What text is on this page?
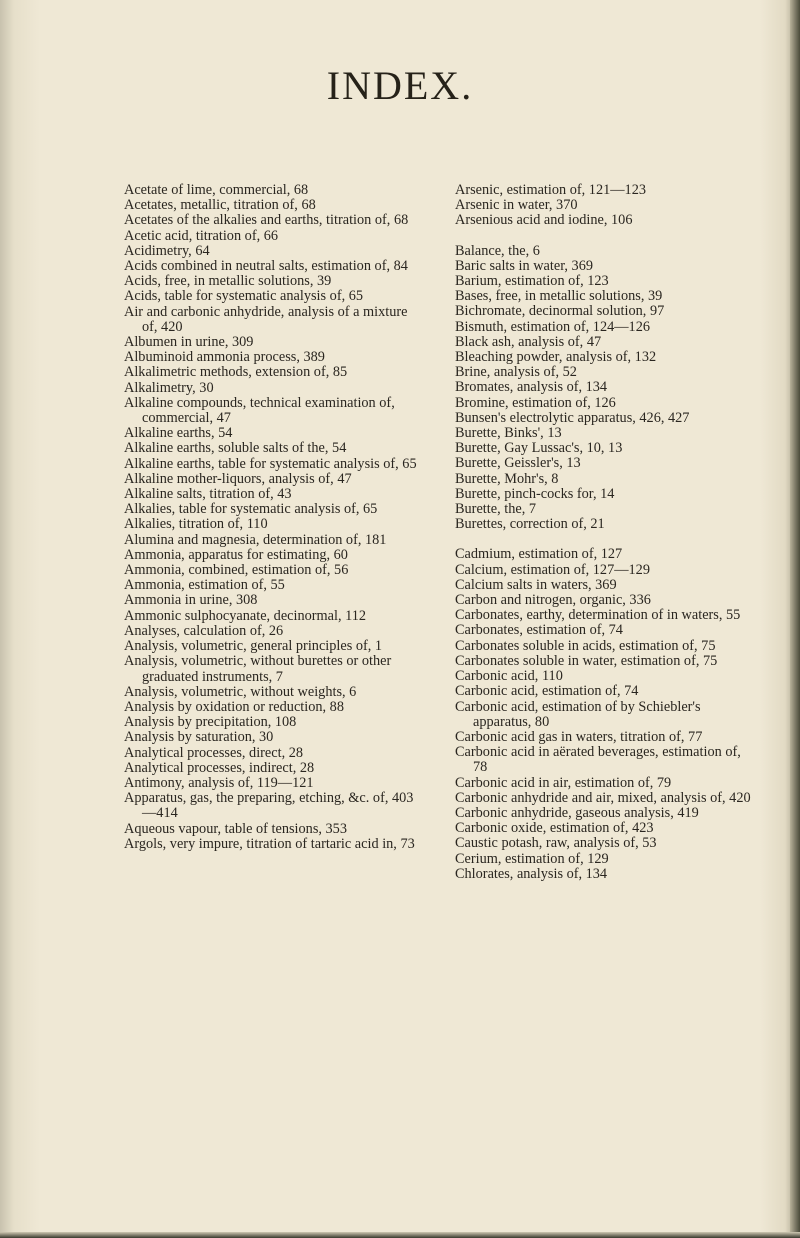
INDEX.

Acetate of lime, commercial, 68

Acetates, metallic, titration of, 68

Acetates of the alkalies and earths, titration of, 68

Acetic acid, titration of, 66

Acidimetry, 64

Acids combined in neutral salts, estimation of, 84

Acids, free, in metallic solutions, 39

Acids, table for systematic analysis of, 65

Air and carbonic anhydride, analysis of a mixture of, 420

Albumen in urine, 309

Albuminoid ammonia process, 389

Alkalimetric methods, extension of, 85

Alkalimetry, 30

Alkaline compounds, technical examination of, commercial, 47

Alkaline earths, 54

Alkaline earths, soluble salts of the, 54

Alkaline earths, table for systematic analysis of, 65

Alkaline mother-liquors, analysis of, 47

Alkaline salts, titration of, 43

Alkalies, table for systematic analysis of, 65

Alkalies, titration of, 110

Alumina and magnesia, determination of, 181

Ammonia, apparatus for estimating, 60

Ammonia, combined, estimation of, 56

Ammonia, estimation of, 55

Ammonia in urine, 308

Ammonic sulphocyanate, decinormal, 112

Analyses, calculation of, 26

Analysis, volumetric, general principles of, 1

Analysis, volumetric, without burettes or other graduated instruments, 7

Analysis, volumetric, without weights, 6

Analysis by oxidation or reduction, 88

Analysis by precipitation, 108

Analysis by saturation, 30

Analytical processes, direct, 28

Analytical processes, indirect, 28

Antimony, analysis of, 119—121

Apparatus, gas, the preparing, etching, &c. of, 403—414

Aqueous vapour, table of tensions, 353

Argols, very impure, titration of tartaric acid in, 73

Arsenic, estimation of, 121—123

Arsenic in water, 370

Arsenious acid and iodine, 106

Balance, the, 6

Baric salts in water, 369

Barium, estimation of, 123

Bases, free, in metallic solutions, 39

Bichromate, decinormal solution, 97

Bismuth, estimation of, 124—126

Black ash, analysis of, 47

Bleaching powder, analysis of, 132

Brine, analysis of, 52

Bromates, analysis of, 134

Bromine, estimation of, 126

Bunsen's electrolytic apparatus, 426, 427

Burette, Binks', 13

Burette, Gay Lussac's, 10, 13

Burette, Geissler's, 13

Burette, Mohr's, 8

Burette, pinch-cocks for, 14

Burette, the, 7

Burettes, correction of, 21

Cadmium, estimation of, 127

Calcium, estimation of, 127—129

Calcium salts in waters, 369

Carbon and nitrogen, organic, 336

Carbonates, earthy, determination of in waters, 55

Carbonates, estimation of, 74

Carbonates soluble in acids, estimation of, 75

Carbonates soluble in water, estimation of, 75

Carbonic acid, 110

Carbonic acid, estimation of, 74

Carbonic acid, estimation of by Schiebler's apparatus, 80

Carbonic acid gas in waters, titration of, 77

Carbonic acid in aërated beverages, estimation of, 78

Carbonic acid in air, estimation of, 79

Carbonic anhydride and air, mixed, analysis of, 420

Carbonic anhydride, gaseous analysis, 419

Carbonic oxide, estimation of, 423

Caustic potash, raw, analysis of, 53

Cerium, estimation of, 129

Chlorates, analysis of, 134
